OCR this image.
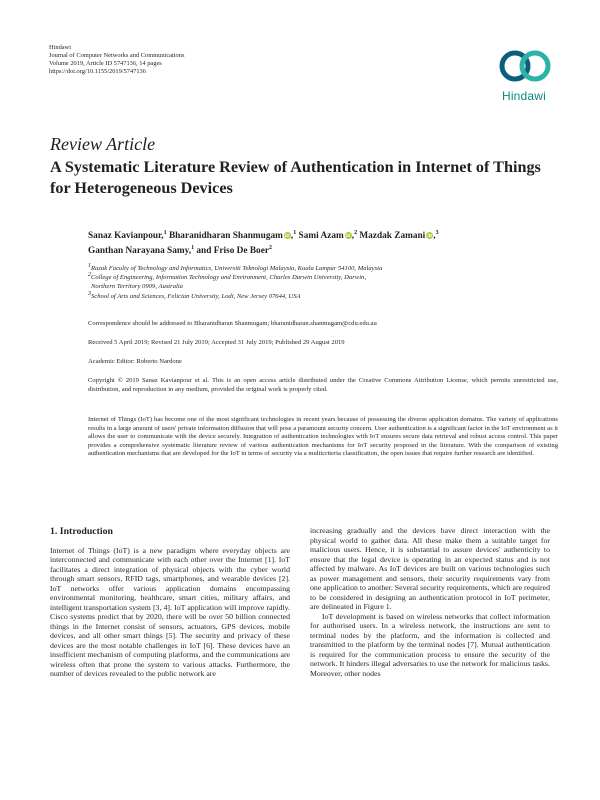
Hindawi
Journal of Computer Networks and Communications
Volume 2019, Article ID 5747136, 14 pages
https://doi.org/10.1155/2019/5747136
Hindawi
Review Article
A Systematic Literature Review of Authentication in Internet of Things for Heterogeneous Devices
Sanaz Kavianpour,$^1$ Bharanidharan Shanmugam iD,$^1$ Sami Azam iD,$^2$ Mazdak Zamani iD,$^3$
Ganthan Narayana Samy,$^1$ and Friso De Boer$^2$
$^1$Razak Faculty of Technology and Informatics, Universiti Teknologi Malaysia, Kuala Lumpur 54100, Malaysia
$^2$College of Engineering, Information Technology and Environment, Charles Darwin University, Darwin,
Northern Territory 0909, Australia
$^3$School of Arts and Sciences, Felician University, Lodi, New Jersey 07644, USA
Correspondence should be addressed to Bharanidharan Shanmugam; bharanidharan.shanmugam@cdu.edu.au
Received 5 April 2019; Revised 21 July 2019; Accepted 31 July 2019; Published 29 August 2019
Academic Editor: Roberto Nardone
Copyright © 2019 Sanaz Kavianpour et al. This is an open access article distributed under the Creative Commons Attribution License, which permits unrestricted use, distribution, and reproduction in any medium, provided the original work is properly cited.
Internet of Things (IoT) has become one of the most significant technologies in recent years because of possessing the diverse application domains. The variety of applications results in a large amount of users' private information diffusion that will pose a paramount security concern. User authentication is a significant factor in the IoT environment as it allows the user to communicate with the device securely. Integration of authentication technologies with IoT ensures secure data retrieval and robust access control. This paper provides a comprehensive systematic literature review of various authentication mechanisms for IoT security proposed in the literature. With the comparison of existing authentication mechanisms that are developed for the IoT in terms of security via a multicriteria classification, the open issues that require further research are identified.
1. Introduction

Internet of Things (IoT) is a new paradigm where everyday objects are interconnected and communicate with each other over the Internet [1]. IoT facilitates a direct integration of physical objects with the cyber world through smart sensors, RFID tags, smartphones, and wearable devices [2]. IoT networks offer various application domains encompassing environmental monitoring, healthcare, smart cities, military affairs, and intelligent transportation system [3, 4]. IoT application will improve rapidly. Cisco systems predict that by 2020, there will be over 50 billion connected things in the Internet consist of sensors, actuators, GPS devices, mobile devices, and all other smart things [5]. The security and privacy of these devices are the most notable challenges in IoT [6]. These devices have an insufficient mechanism of computing platforms, and the communications are wireless often that prone the system to various attacks. Furthermore, the number of devices revealed to the public network are

increasing gradually and the devices have direct interaction with the physical world to gather data. All these make them a suitable target for malicious users. Hence, it is substantial to assure devices' authenticity to ensure that the legal device is operating in an expected status and is not affected by malware. As IoT devices are built on various technologies such as power management and sensors, their security requirements vary from one application to another. Several security requirements, which are required to be considered in designing an authentication protocol in IoT perimeter, are delineated in Figure 1.

IoT development is based on wireless networks that collect information for authorised users. In a wireless network, the instructions are sent to terminal nodes by the platform, and the information is collected and transmitted to the platform by the terminal nodes [7]. Mutual authentication is required for the communication process to ensure the security of the network. It hinders illegal adversaries to use the network for malicious tasks. Moreover, other nodes
